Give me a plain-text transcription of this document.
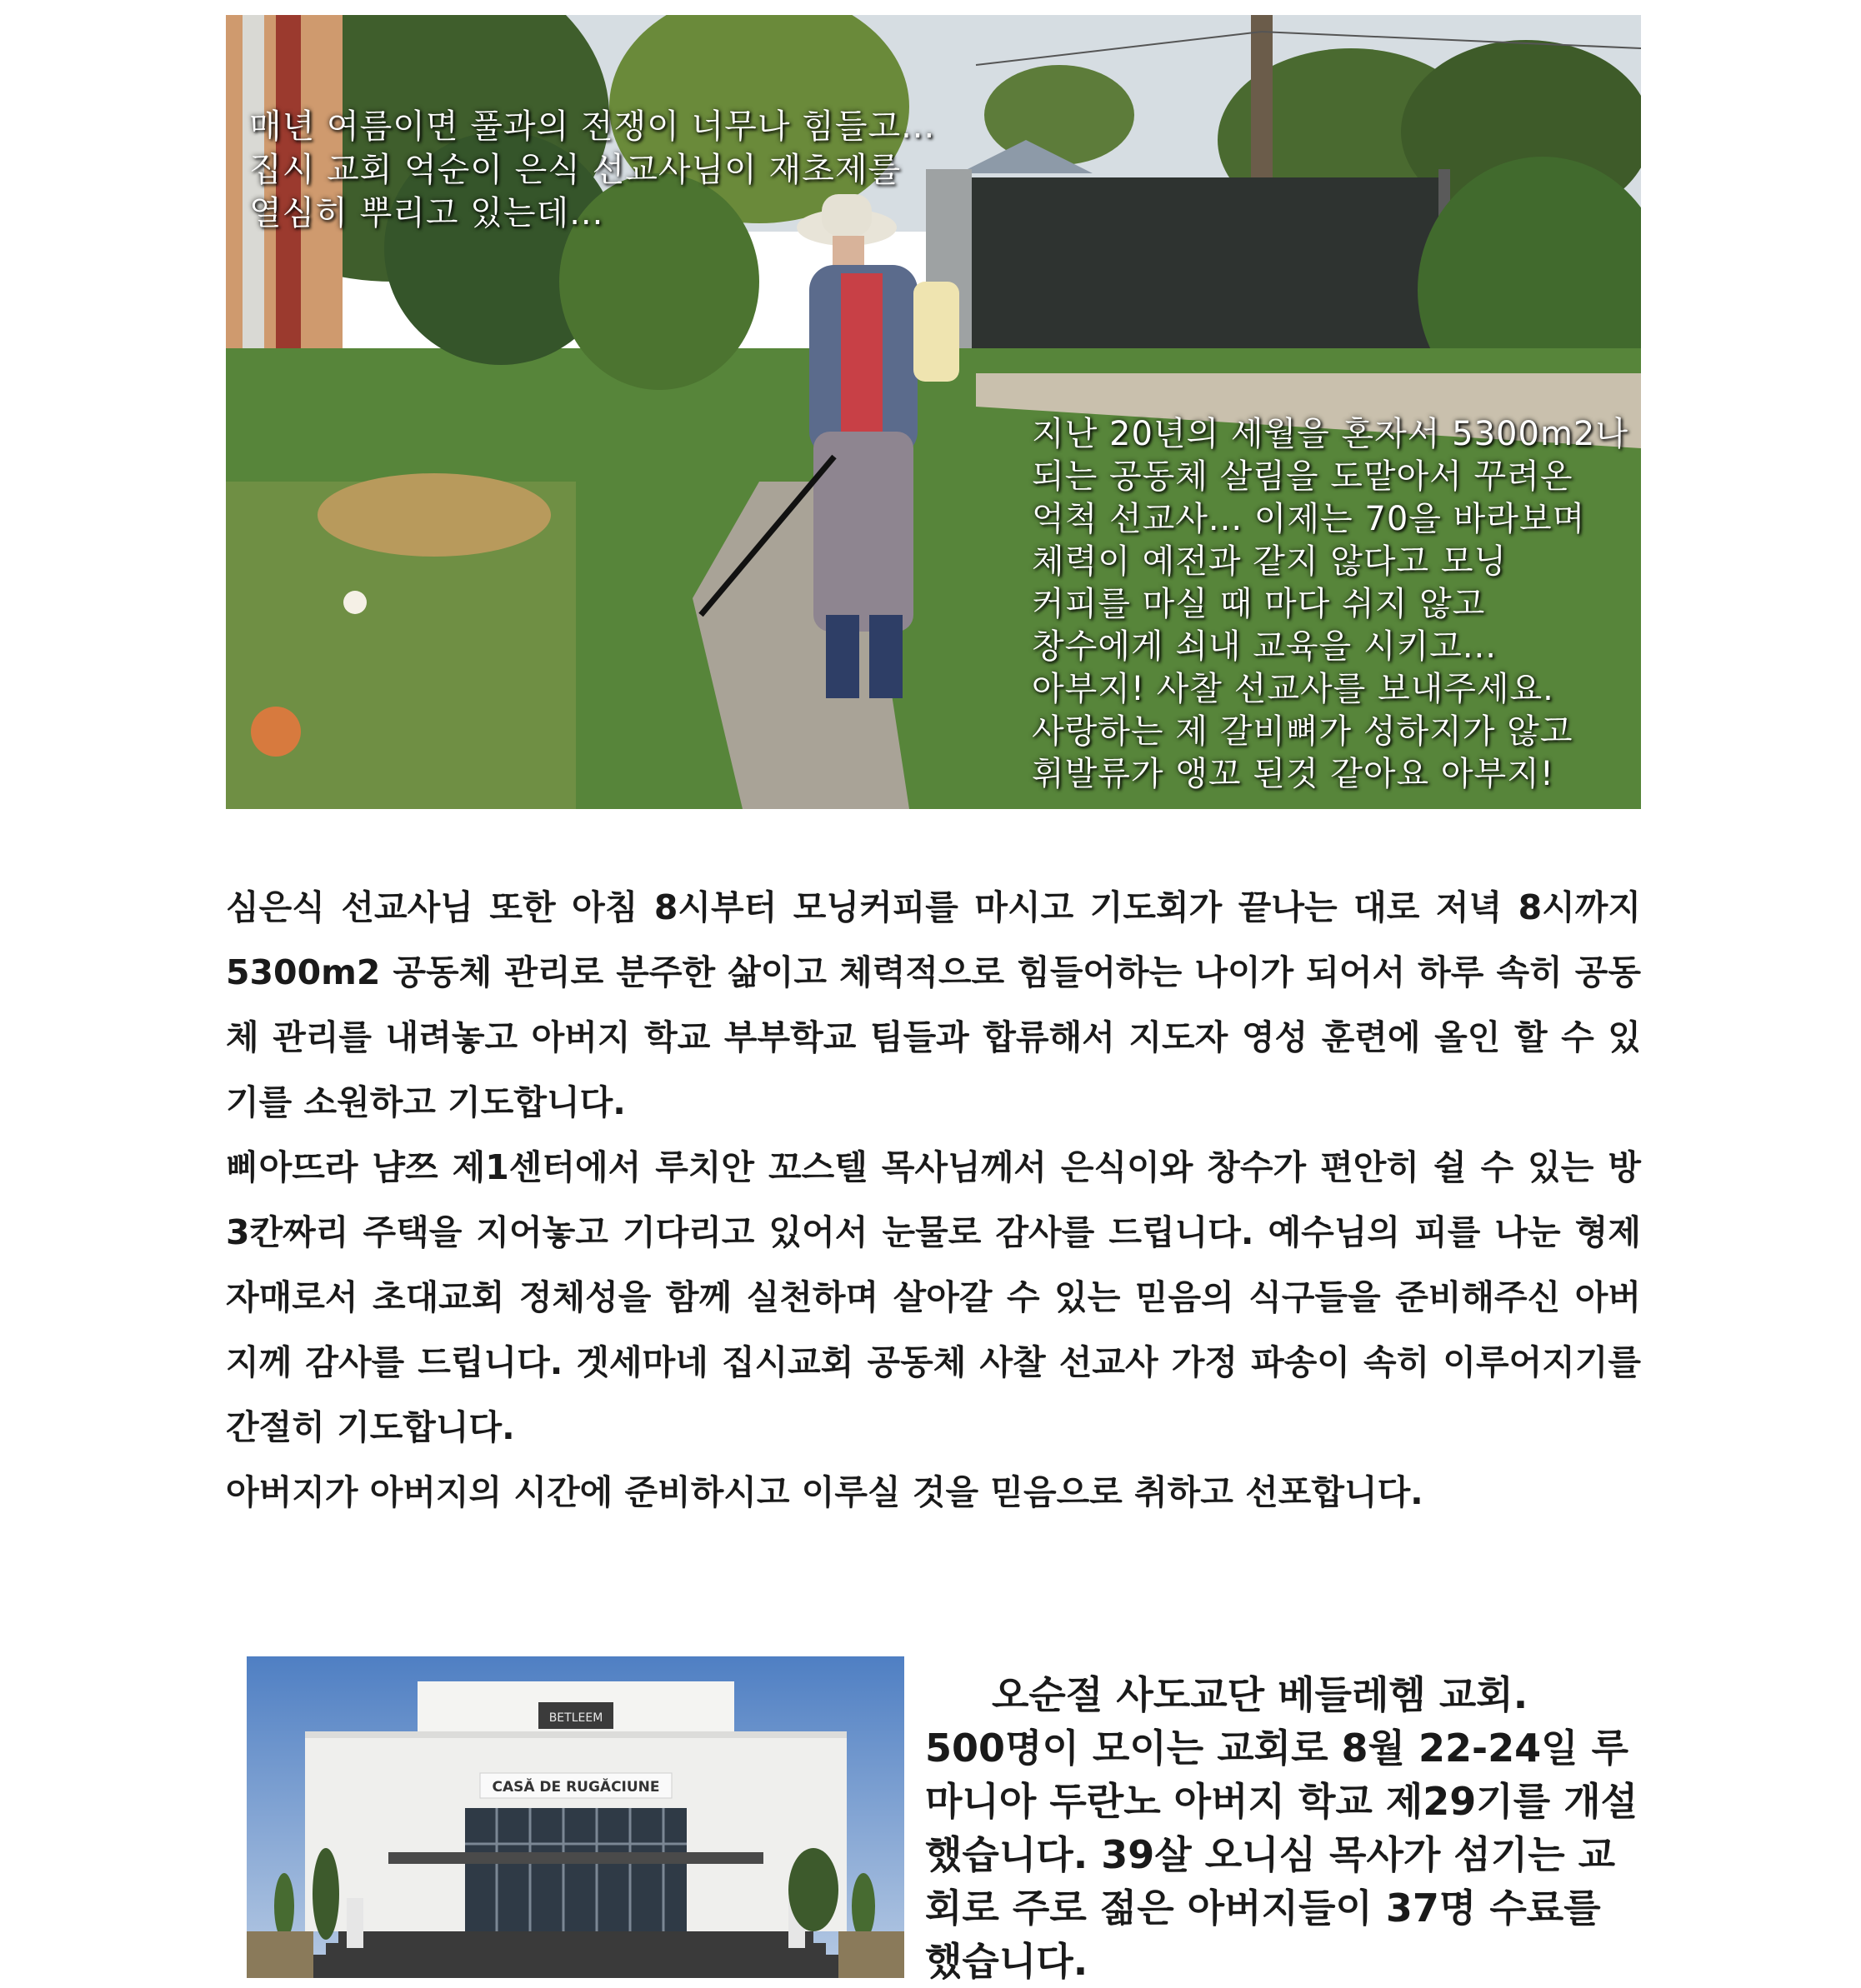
매년 여름이면 풀과의 전쟁이 너무나 힘들고...
집시 교회 억순이 은식 선교사님이 재초제를
열심히 뿌리고 있는데...
지난 20년의 세월을 혼자서 5300m2나
되는 공동체 살림을 도맡아서 꾸려온
억척 선교사... 이제는 70을 바라보며
체력이 예전과 같지 않다고 모닝
커피를 마실 때 마다 쉬지 않고
창수에게 쇠내 교육을 시키고...
아부지! 사찰 선교사를 보내주세요.
사랑하는 제 갈비뼈가 성하지가 않고
휘발류가 앵꼬 된것 같아요 아부지!

심은식 선교사님 또한 아침 8시부터 모닝커피를 마시고 기도회가 끝나는 대로 저녁 8시까지 5300m2 공동체 관리로 분주한 삶이고 체력적으로 힘들어하는 나이가 되어서 하루 속히 공동체 관리를 내려놓고 아버지 학교 부부학교 팀들과 합류해서 지도자 영성 훈련에 올인 할 수 있기를 소원하고 기도합니다.

삐아뜨라 냠쯔 제1센터에서 루치안 꼬스텔 목사님께서 은식이와 창수가 편안히 쉴 수 있는 방 3칸짜리 주택을 지어놓고 기다리고 있어서 눈물로 감사를 드립니다. 예수님의 피를 나눈 형제 자매로서 초대교회 정체성을 함께 실천하며 살아갈 수 있는 믿음의 식구들을 준비해주신 아버지께 감사를 드립니다. 겟세마네 집시교회 공동체 사찰 선교사 가정 파송이 속히 이루어지기를 간절히 기도합니다.

아버지가 아버지의 시간에 준비하시고 이루실 것을 믿음으로 취하고 선포합니다.

BETLEEM
CASĂ DE RUGĂCIUNE

오순절 사도교단 베들레헴 교회.

500명이 모이는 교회로 8월 22-24일 루마니아 두란노 아버지 학교 제29기를 개설했습니다. 39살 오니심 목사가 섬기는 교회로 주로 젊은 아버지들이 37명 수료를 했습니다.
